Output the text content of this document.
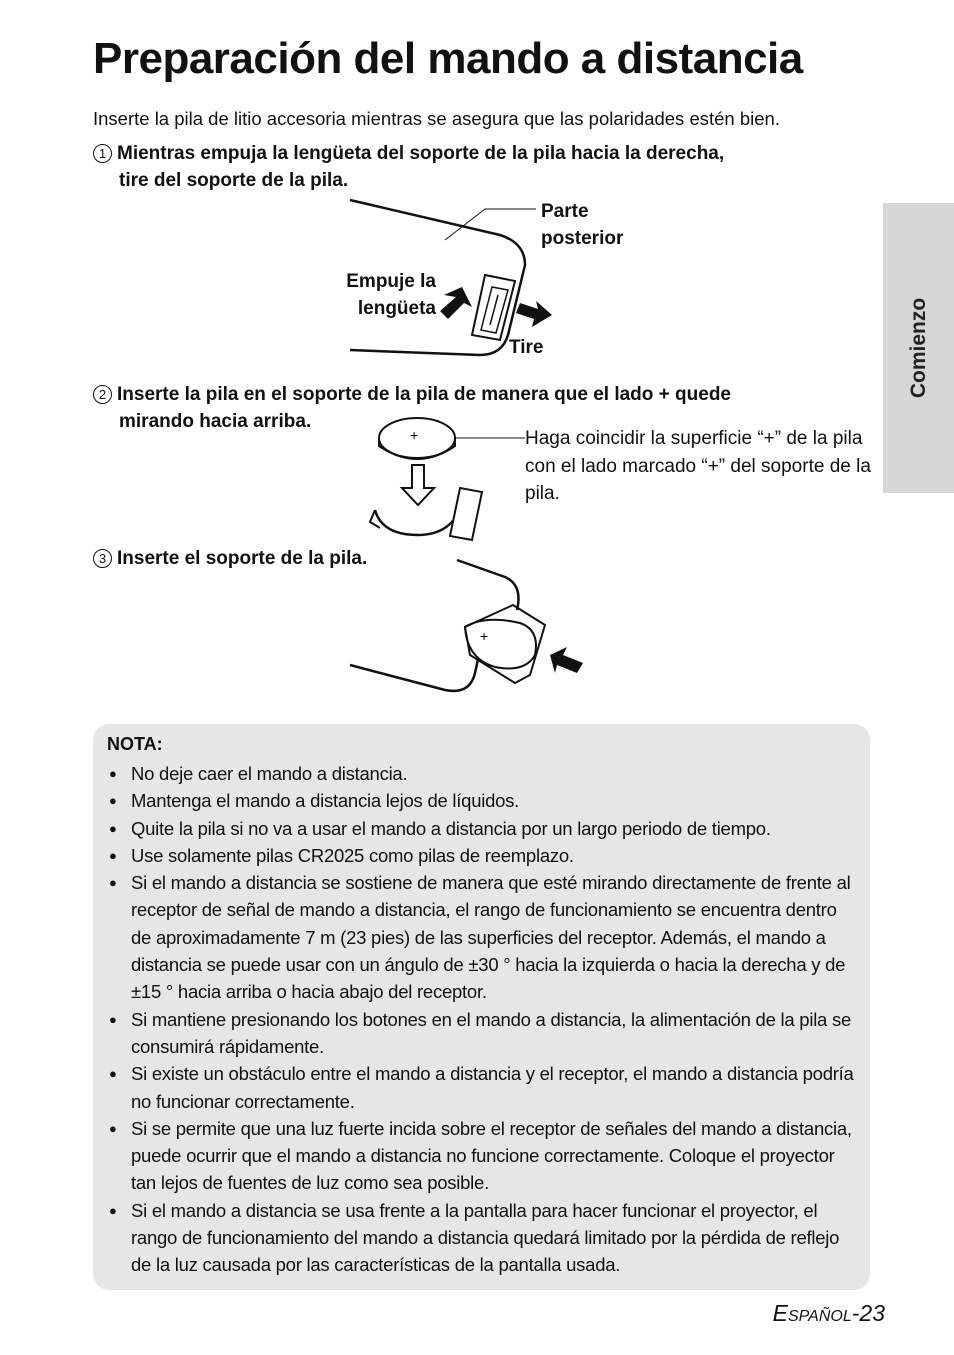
Preparación del mando a distancia
Inserte la pila de litio accesoria mientras se asegura que las polaridades estén bien.
Comienzo
1 Mientras empuja la lengüeta del soporte de la pila hacia la derecha,
tire del soporte de la pila.
Parte
posterior
Empuje la
lengüeta
Tire
2 Inserte la pila en el soporte de la pila de manera que el lado + quede
mirando hacia arriba.
+	Haga coincidir la superficie “+” de la pila con el lado marcado “+” del soporte de la pila.
3 Inserte el soporte de la pila.
+
NOTA:
● No deje caer el mando a distancia.
● Mantenga el mando a distancia lejos de líquidos.
● Quite la pila si no va a usar el mando a distancia por un largo periodo de tiempo.
● Use solamente pilas CR2025 como pilas de reemplazo.
● Si el mando a distancia se sostiene de manera que esté mirando directamente de frente al receptor de señal de mando a distancia, el rango de funcionamiento se encuentra dentro de aproximadamente 7 m (23 pies) de las superficies del receptor. Además, el mando a distancia se puede usar con un ángulo de ±30 ° hacia la izquierda o hacia la derecha y de ±15 ° hacia arriba o hacia abajo del receptor.
● Si mantiene presionando los botones en el mando a distancia, la alimentación de la pila se consumirá rápidamente.
● Si existe un obstáculo entre el mando a distancia y el receptor, el mando a distancia podría no funcionar correctamente.
● Si se permite que una luz fuerte incida sobre el receptor de señales del mando a distancia, puede ocurrir que el mando a distancia no funcione correctamente. Coloque el proyector tan lejos de fuentes de luz como sea posible.
● Si el mando a distancia se usa frente a la pantalla para hacer funcionar el proyector, el rango de funcionamiento del mando a distancia quedará limitado por la pérdida de reflejo de la luz causada por las características de la pantalla usada.
Español-23
